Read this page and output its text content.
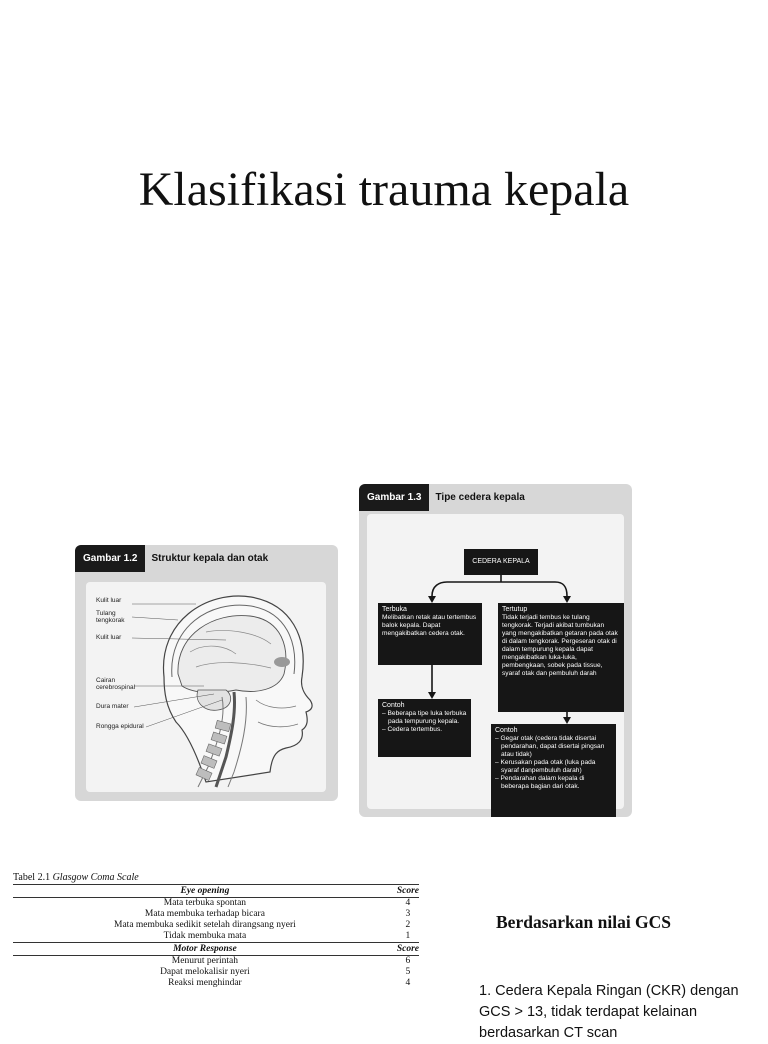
Klasifikasi trauma kepala
Gambar 1.2	Struktur kepala dan otak
Kulit luar
Tulang
tengkorak
Kulit luar
Cairan
cerebrospinal
Dura mater
Rongga epidural
Gambar 1.3	Tipe cedera kepala
CEDERA KEPALA
Terbuka
Melibatkan retak atau tertembus balok kepala. Dapat mengakibatkan cedera otak.
Tertutup
Tidak terjadi tembus ke tulang tengkorak. Terjadi akibat tumbukan yang mengakibatkan getaran pada otak di dalam tengkorak. Pergeseran otak di dalam tempurung kepala dapat mengakibatkan luka-luka, pembengkaan, sobek pada tissue, syaraf otak dan pembuluh darah
Contoh
– Beberapa tipe luka terbuka pada tempurung kepala.
– Cedera tertembus.	Contoh
– Gegar otak (cedera tidak disertai pendarahan, dapat disertai pingsan atau tidak)
– Kerusakan pada otak (luka pada syaraf danpembuluh darah)
– Pendarahan dalam kepala di beberapa bagian dari otak.
Tabel 2.1 Glasgow Coma Scale
Eye opening	Score
Mata terbuka spontan	4
Mata membuka terhadap bicara	3
Mata membuka sedikit setelah dirangsang nyeri	2
Tidak membuka mata	1
Motor Response	Score
Menurut perintah	6
Dapat melokalisir nyeri	5
Reaksi menghindar	4
Berdasarkan nilai GCS
1. Cedera Kepala Ringan (CKR) dengan GCS > 13, tidak terdapat kelainan berdasarkan CT scan
